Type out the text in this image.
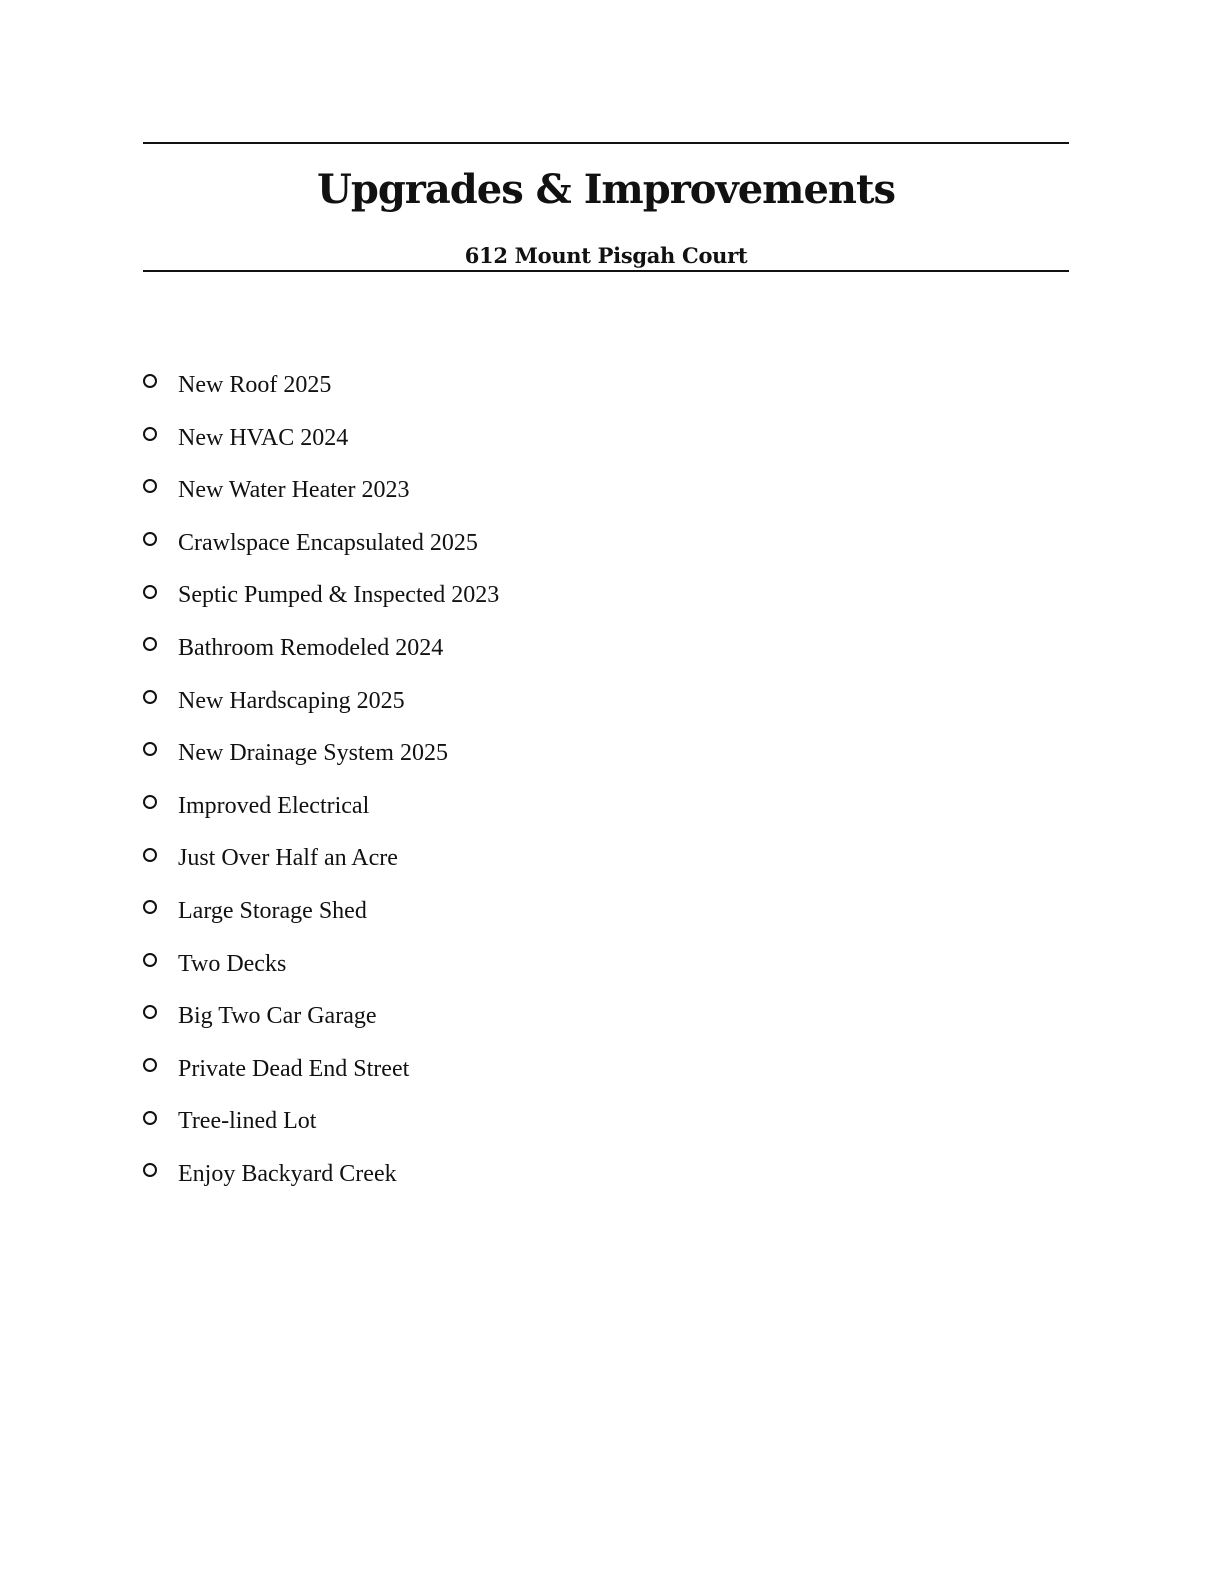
Upgrades & Improvements
612 Mount Pisgah Court
New Roof 2025
New HVAC 2024
New Water Heater 2023
Crawlspace Encapsulated 2025
Septic Pumped & Inspected 2023
Bathroom Remodeled 2024
New Hardscaping 2025
New Drainage System 2025
Improved Electrical
Just Over Half an Acre
Large Storage Shed
Two Decks
Big Two Car Garage
Private Dead End Street
Tree-lined Lot
Enjoy Backyard Creek
